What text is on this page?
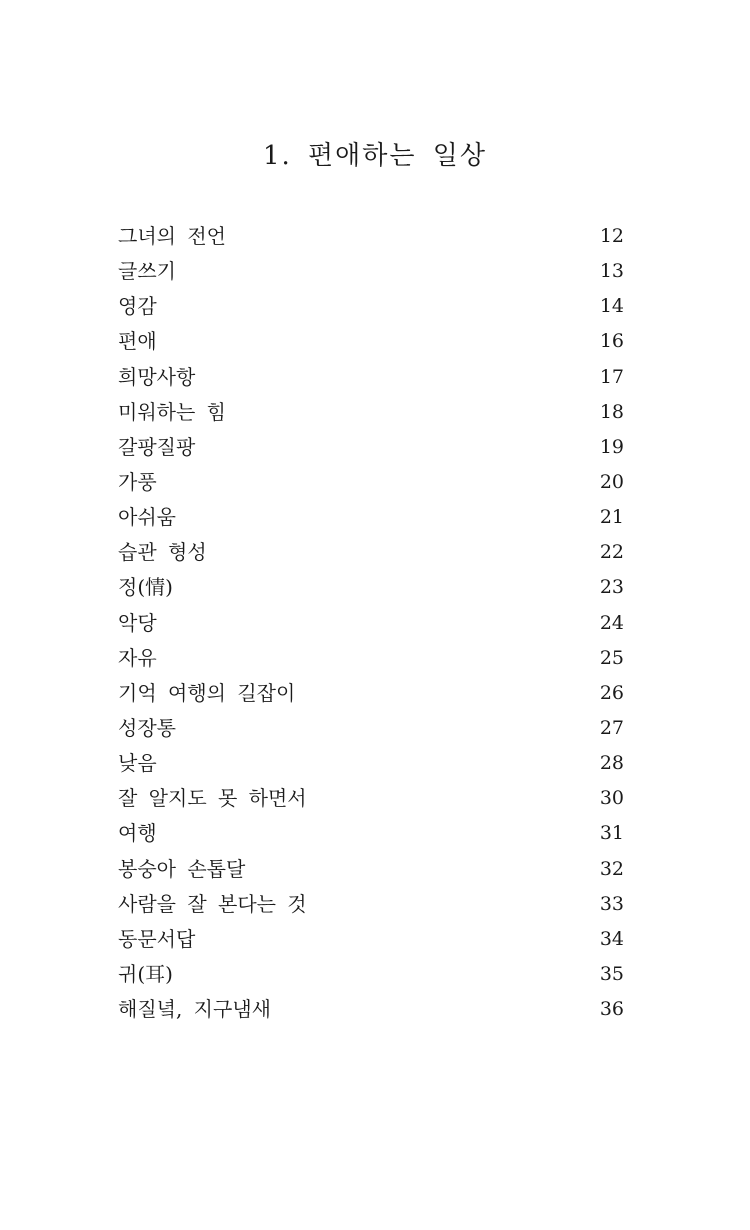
1. 편애하는 일상
그녀의 전언	12
글쓰기	13
영감	14
편애	16
희망사항	17
미워하는 힘	18
갈팡질팡	19
가풍	20
아쉬움	21
습관 형성	22
정(情)	23
악당	24
자유	25
기억 여행의 길잡이	26
성장통	27
낮음	28
잘 알지도 못 하면서	30
여행	31
봉숭아 손톱달	32
사람을 잘 본다는 것	33
동문서답	34
귀(耳)	35
해질녘, 지구냄새	36
